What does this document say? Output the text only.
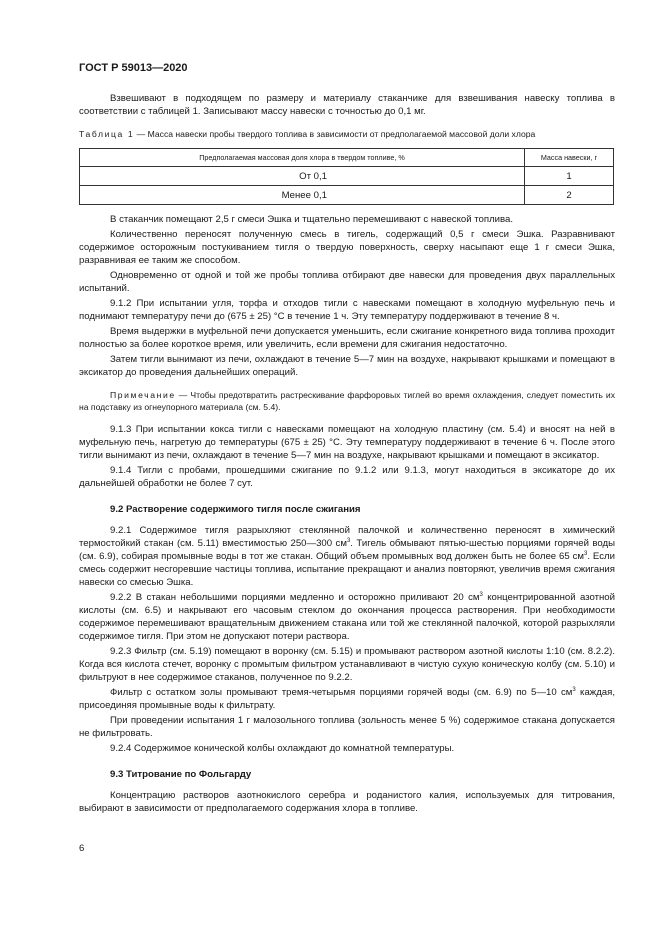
ГОСТ Р 59013—2020

Взвешивают в подходящем по размеру и материалу стаканчике для взвешивания навеску топлива в соответствии с таблицей 1. Записывают массу навески с точностью до 0,1 мг.

Таблица 1 — Масса навески пробы твердого топлива в зависимости от предполагаемой массовой доли хлора
Предполагаемая массовая доля хлора в твердом топливе, %	Масса навески, г
От 0,1	1
Менее 0,1	2

В стаканчик помещают 2,5 г смеси Эшка и тщательно перемешивают с навеской топлива.

Количественно переносят полученную смесь в тигель, содержащий 0,5 г смеси Эшка. Разравнивают содержимое осторожным постукиванием тигля о твердую поверхность, сверху насыпают еще 1 г смеси Эшка, разравнивая ее таким же способом.

Одновременно от одной и той же пробы топлива отбирают две навески для проведения двух параллельных испытаний.

9.1.2 При испытании угля, торфа и отходов тигли с навесками помещают в холодную муфельную печь и поднимают температуру печи до (675 ± 25) °С в течение 1 ч. Эту температуру поддерживают в течение 8 ч.

Время выдержки в муфельной печи допускается уменьшить, если сжигание конкретного вида топлива проходит полностью за более короткое время, или увеличить, если времени для сжигания недостаточно.

Затем тигли вынимают из печи, охлаждают в течение 5—7 мин на воздухе, накрывают крышками и помещают в эксикатор до проведения дальнейших операций.

Примечание — Чтобы предотвратить растрескивание фарфоровых тиглей во время охлаждения, следует поместить их на подставку из огнеупорного материала (см. 5.4).

9.1.3 При испытании кокса тигли с навесками помещают на холодную пластину (см. 5.4) и вносят на ней в муфельную печь, нагретую до температуры (675 ± 25) °С. Эту температуру поддерживают в течение 6 ч. После этого тигли вынимают из печи, охлаждают в течение 5—7 мин на воздухе, накрывают крышками и помещают в эксикатор.

9.1.4 Тигли с пробами, прошедшими сжигание по 9.1.2 или 9.1.3, могут находиться в эксикаторе до их дальнейшей обработки не более 7 сут.

9.2 Растворение содержимого тигля после сжигания

9.2.1 Содержимое тигля разрыхляют стеклянной палочкой и количественно переносят в химический термостойкий стакан (см. 5.11) вместимостью 250—300 $см^3$. Тигель обмывают пятью-шестью порциями горячей воды (см. 6.9), собирая промывные воды в тот же стакан. Общий объем промывных вод должен быть не более 65 $см^3$. Если смесь содержит несгоревшие частицы топлива, испытание прекращают и анализ повторяют, увеличив время сжигания навески со смесью Эшка.

9.2.2 В стакан небольшими порциями медленно и осторожно приливают 20 $см^3$ концентрированной азотной кислоты (см. 6.5) и накрывают его часовым стеклом до окончания процесса растворения. При необходимости содержимое перемешивают вращательным движением стакана или той же стеклянной палочкой, которой разрыхляли содержимое тигля. При этом не допускают потери раствора.

9.2.3 Фильтр (см. 5.19) помещают в воронку (см. 5.15) и промывают раствором азотной кислоты 1:10 (см. 8.2.2). Когда вся кислота стечет, воронку с промытым фильтром устанавливают в чистую сухую коническую колбу (см. 5.10) и фильтруют в нее содержимое стаканов, полученное по 9.2.2.

Фильтр с остатком золы промывают тремя-четырьмя порциями горячей воды (см. 6.9) по 5—10 $см^3$ каждая, присоединяя промывные воды к фильтрату.

При проведении испытания 1 г малозольного топлива (зольность менее 5 %) содержимое стакана допускается не фильтровать.

9.2.4 Содержимое конической колбы охлаждают до комнатной температуры.

9.3 Титрование по Фольгарду

Концентрацию растворов азотнокислого серебра и роданистого калия, используемых для титрования, выбирают в зависимости от предполагаемого содержания хлора в топливе.

6
